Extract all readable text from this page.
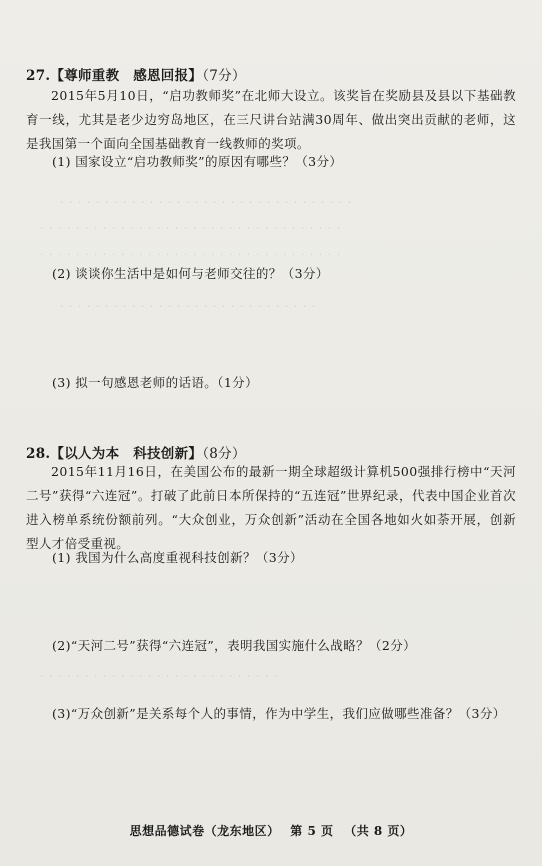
· · · · · · · · · · · · · · · · · · · · · · · · · · · · · · · · ·
· · · · · · · · · · · · · · · · · · · · · · · · · · · · · · · · · ·
· · · · · · · · · · · · · · · · · · · · · · · · · · · · · · · · · ·
· · · · · · · · · · · · · · · · · · · · · · · · · · · · ·
· · · · · · · · · · · · · · · · · · · · · · · · · · ·
27.【尊师重教　感恩回报】（7分）
2015年5月10日，“启功教师奖”在北师大设立。该奖旨在奖励县及县以下基础教育一线，尤其是老少边穷岛地区，在三尺讲台站满30周年、做出突出贡献的老师，这是我国第一个面向全国基础教育一线教师的奖项。
(1) 国家设立“启功教师奖”的原因有哪些？（3分）
(2) 谈谈你生活中是如何与老师交往的？（3分）
(3) 拟一句感恩老师的话语。（1分）
28.【以人为本　科技创新】（8分）
2015年11月16日，在美国公布的最新一期全球超级计算机500强排行榜中“天河二号”获得“六连冠”。打破了此前日本所保持的“五连冠”世界纪录，代表中国企业首次进入榜单系统份额前列。“大众创业，万众创新”活动在全国各地如火如荼开展，创新型人才倍受重视。
(1) 我国为什么高度重视科技创新？（3分）
(2)“天河二号”获得“六连冠”，表明我国实施什么战略？（2分）
(3)“万众创新”是关系每个人的事情，作为中学生，我们应做哪些准备？（3分）
思想品德试卷（龙东地区） 第 5 页 （共 8 页）
